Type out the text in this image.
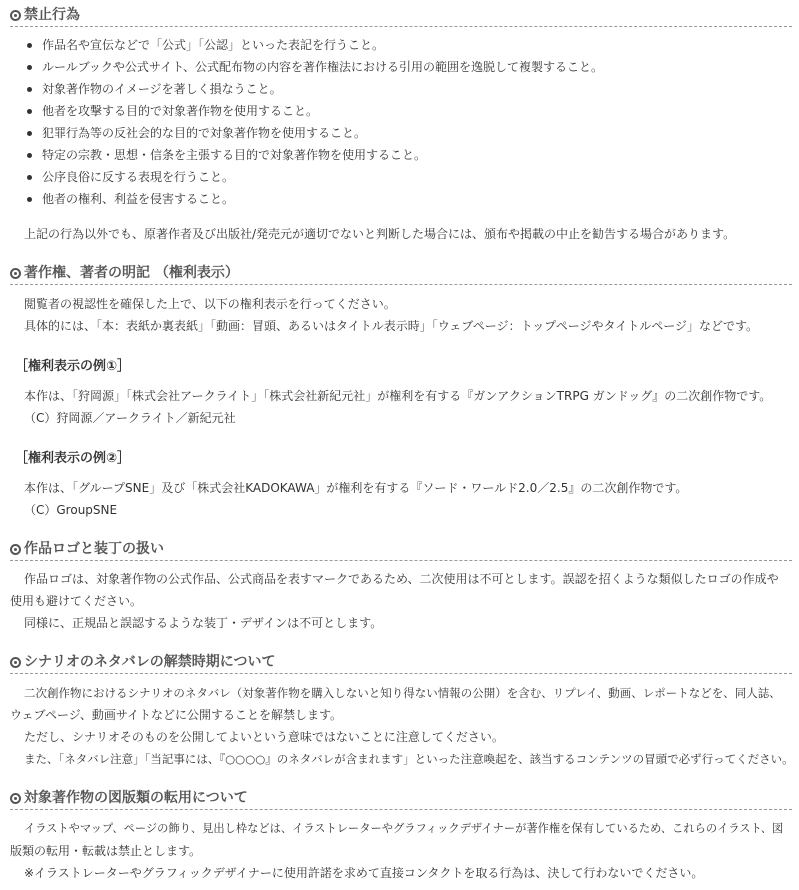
禁止行為
作品名や宣伝などで「公式」「公認」といった表記を行うこと。
ルールブックや公式サイト、公式配布物の内容を著作権法における引用の範囲を逸脱して複製すること。
対象著作物のイメージを著しく損なうこと。
他者を攻撃する目的で対象著作物を使用すること。
犯罪行為等の反社会的な目的で対象著作物を使用すること。
特定の宗教・思想・信条を主張する目的で対象著作物を使用すること。
公序良俗に反する表現を行うこと。
他者の権利、利益を侵害すること。
上記の行為以外でも、原著作者及び出版社/発売元が適切でないと判断した場合には、頒布や掲載の中止を勧告する場合があります。
著作権、著者の明記 （権利表示）
閲覧者の視認性を確保した上で、以下の権利表示を行ってください。
具体的には、「本：表紙か裏表紙」「動画：冒頭、あるいはタイトル表示時」「ウェブページ：トップページやタイトルページ」などです。
［権利表示の例①］
本作は、「狩岡源」「株式会社アークライト」「株式会社新紀元社」が権利を有する『ガンアクションTRPG ガンドッグ』の二次創作物です。
（C）狩岡源／アークライト／新紀元社
［権利表示の例②］
本作は、「グループSNE」及び「株式会社KADOKAWA」が権利を有する『ソード・ワールド2.0／2.5』の二次創作物です。
（C）GroupSNE
作品ロゴと装丁の扱い
作品ロゴは、対象著作物の公式作品、公式商品を表すマークであるため、二次使用は不可とします。誤認を招くような類似したロゴの作成や
使用も避けてください。
同様に、正規品と誤認するような装丁・デザインは不可とします。
シナリオのネタバレの解禁時期について
二次創作物におけるシナリオのネタバレ（対象著作物を購入しないと知り得ない情報の公開）を含む、リプレイ、動画、レポートなどを、同人誌、
ウェブページ、動画サイトなどに公開することを解禁します。
ただし、シナリオそのものを公開してよいという意味ではないことに注意してください。
また、「ネタバレ注意」「当記事には、『○○○○』のネタバレが含まれます」といった注意喚起を、該当するコンテンツの冒頭で必ず行ってください。
対象著作物の図版類の転用について
イラストやマップ、ページの飾り、見出し枠などは、イラストレーターやグラフィックデザイナーが著作権を保有しているため、これらのイラスト、図
版類の転用・転載は禁止とします。
※イラストレーターやグラフィックデザイナーに使用許諾を求めて直接コンタクトを取る行為は、決して行わないでください。
